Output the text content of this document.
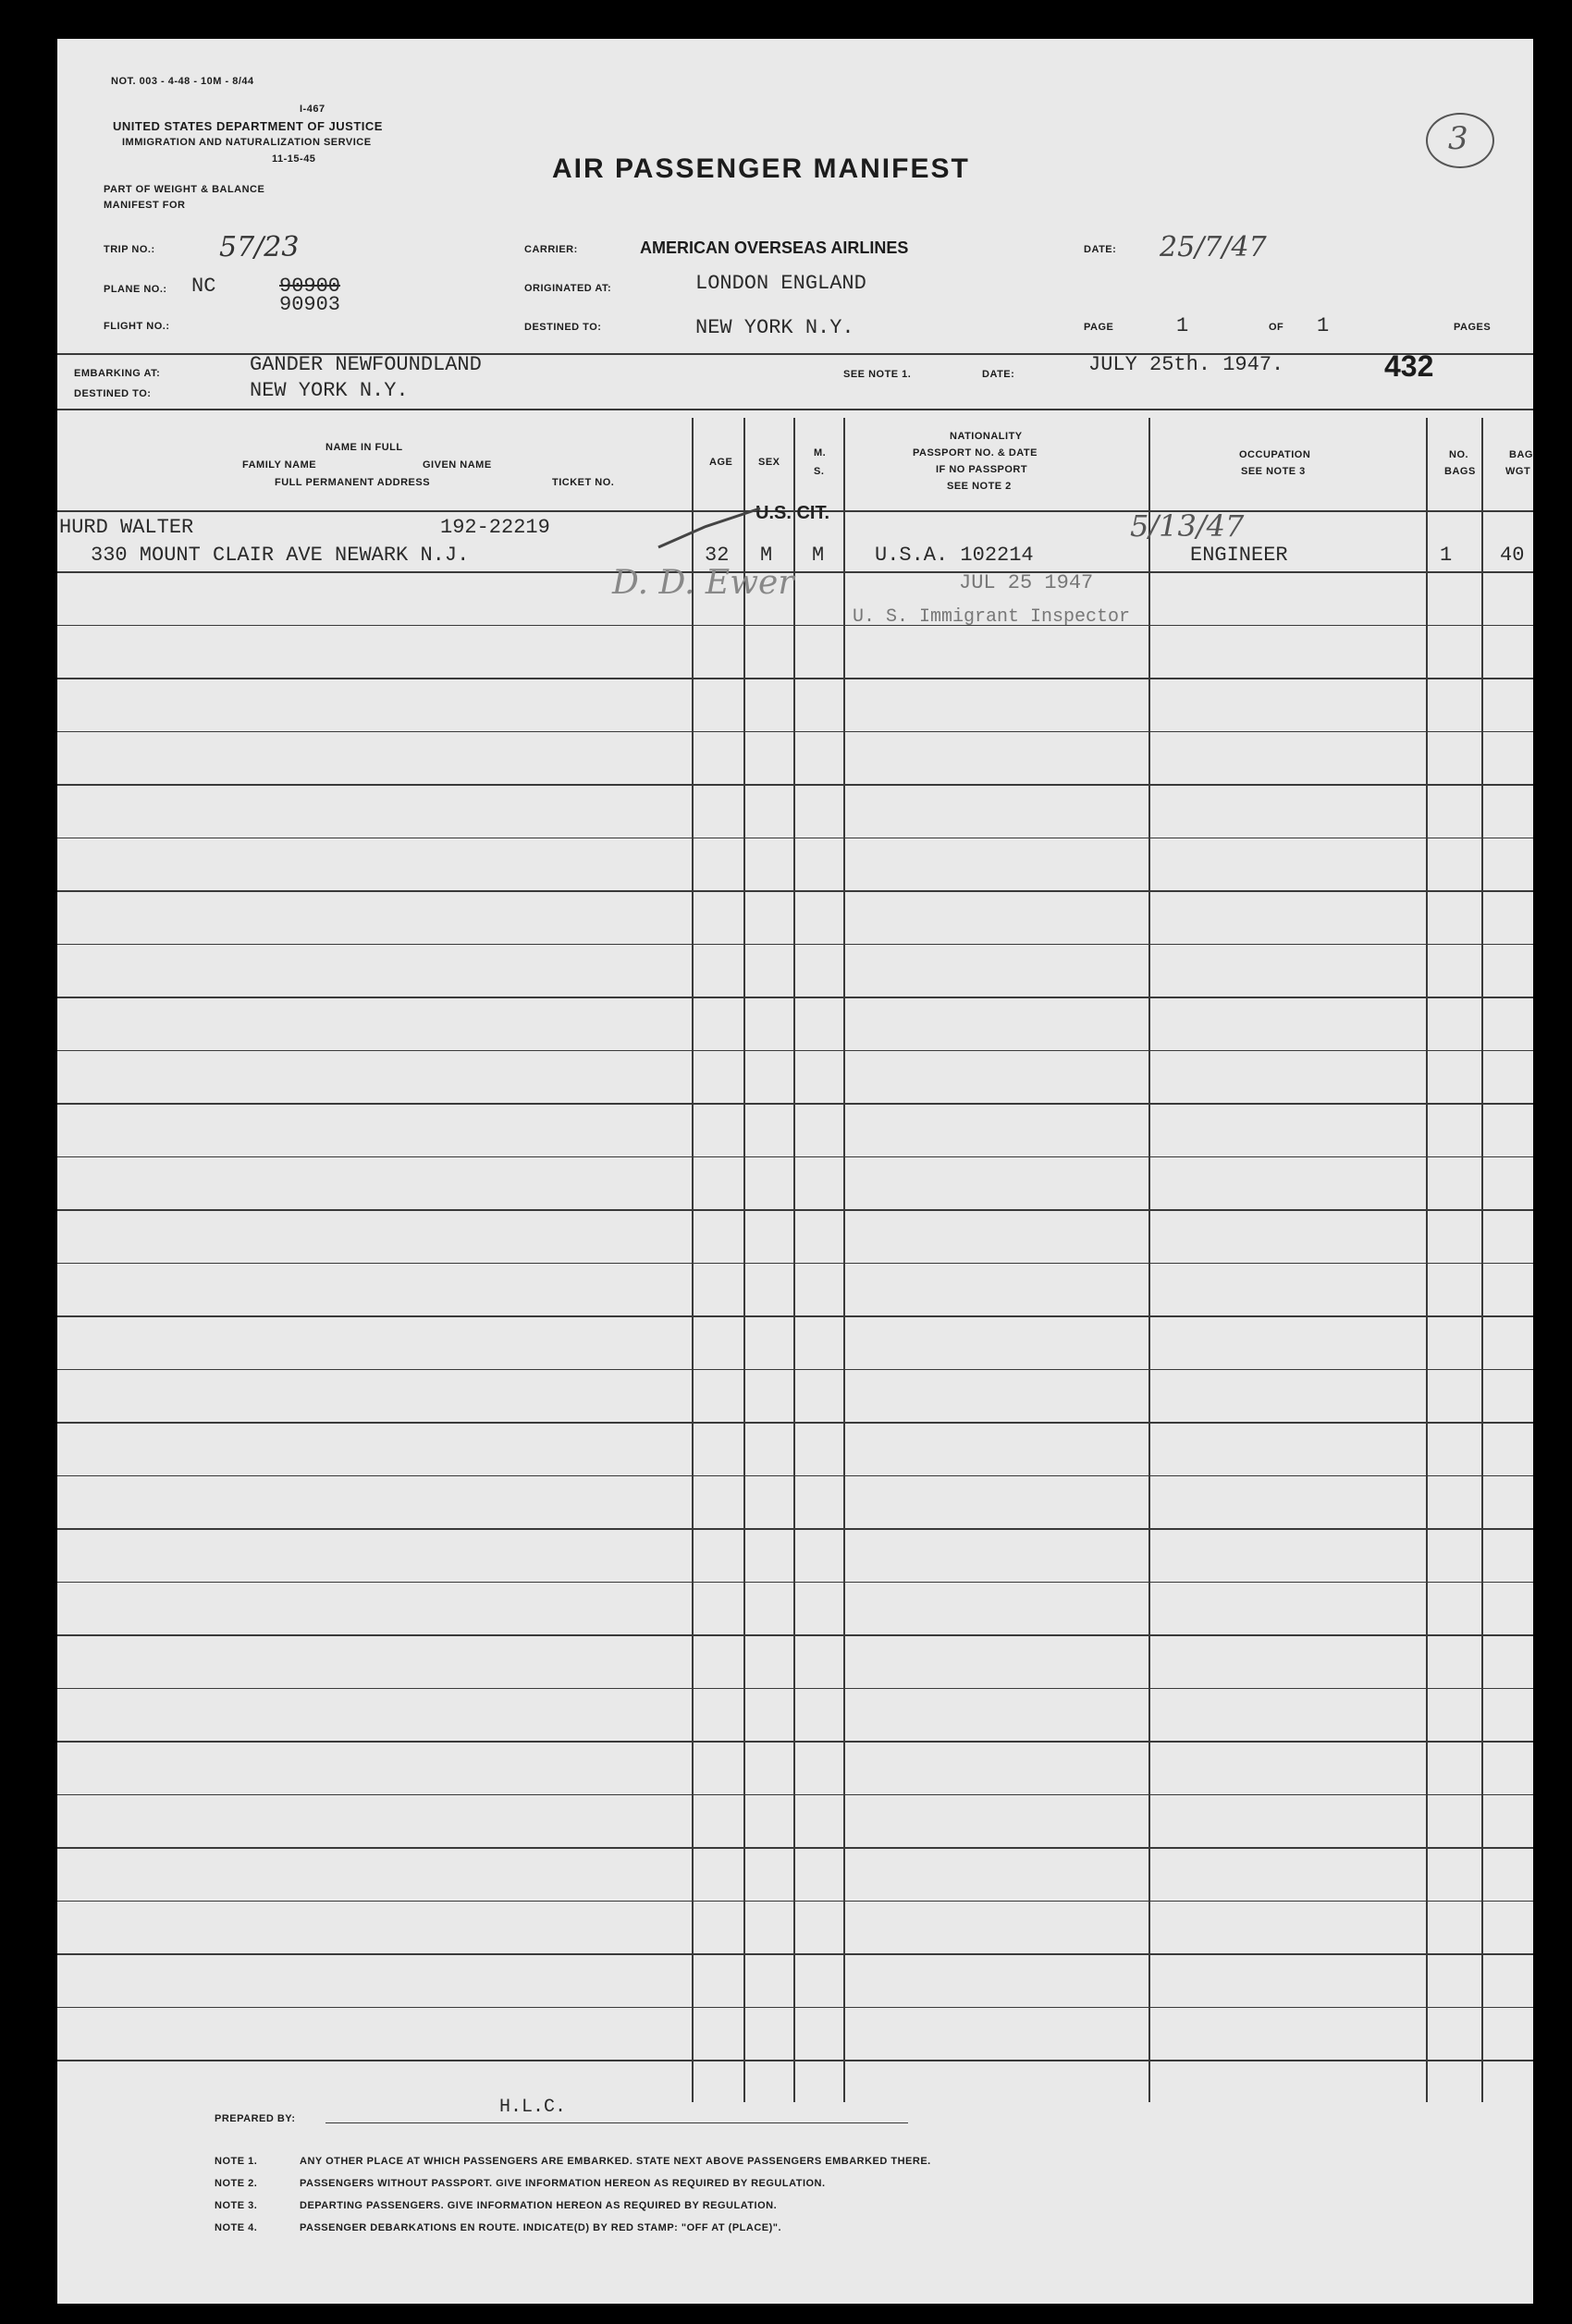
NOT. 003 - 4-48 - 10M - 8/44
I-467
UNITED STATES DEPARTMENT OF JUSTICE
IMMIGRATION AND NATURALIZATION SERVICE
11-15-45
PART OF WEIGHT & BALANCE
MANIFEST FOR
AIR PASSENGER MANIFEST
3
TRIP NO.: 57/23
PLANE NO.: NC	90900
90903
FLIGHT NO.:
CARRIER:	AMERICAN OVERSEAS AIRLINES
ORIGINATED AT:	LONDON ENGLAND
DESTINED TO:	NEW YORK N.Y.
DATE: 25/7/47
PAGE	1	OF 1	PAGES
EMBARKING AT:	GANDER NEWFOUNDLAND
DESTINED TO:	NEW YORK N.Y.
SEE NOTE 1.	DATE:	JULY 25th. 1947.	432
NAME IN FULL
FAMILY NAME	GIVEN NAME
FULL PERMANENT ADDRESS	TICKET NO.
AGE	SEX
M.
S.
NATIONALITY
PASSPORT NO. & DATE
IF NO PASSPORT
SEE NOTE 2
OCCUPATION
SEE NOTE 3
NO.
BAGS
BAG
WGT
HURD WALTER	192-22219
330 MOUNT CLAIR AVE NEWARK N.J.	32 M M
U.S. CIT.
U.S.A. 102214
5/13/47
ENGINEER	1 40
D. D. Ewer	JUL 25 1947
U. S. Immigrant Inspector
PREPARED BY:
H.L.C.
NOTE 1.	ANY OTHER PLACE AT WHICH PASSENGERS ARE EMBARKED. STATE NEXT ABOVE PASSENGERS EMBARKED THERE.
NOTE 2.	PASSENGERS WITHOUT PASSPORT. GIVE INFORMATION HEREON AS REQUIRED BY REGULATION.
NOTE 3.	DEPARTING PASSENGERS. GIVE INFORMATION HEREON AS REQUIRED BY REGULATION.
NOTE 4.	PASSENGER DEBARKATIONS EN ROUTE. INDICATE(D) BY RED STAMP: "OFF AT (PLACE)".
